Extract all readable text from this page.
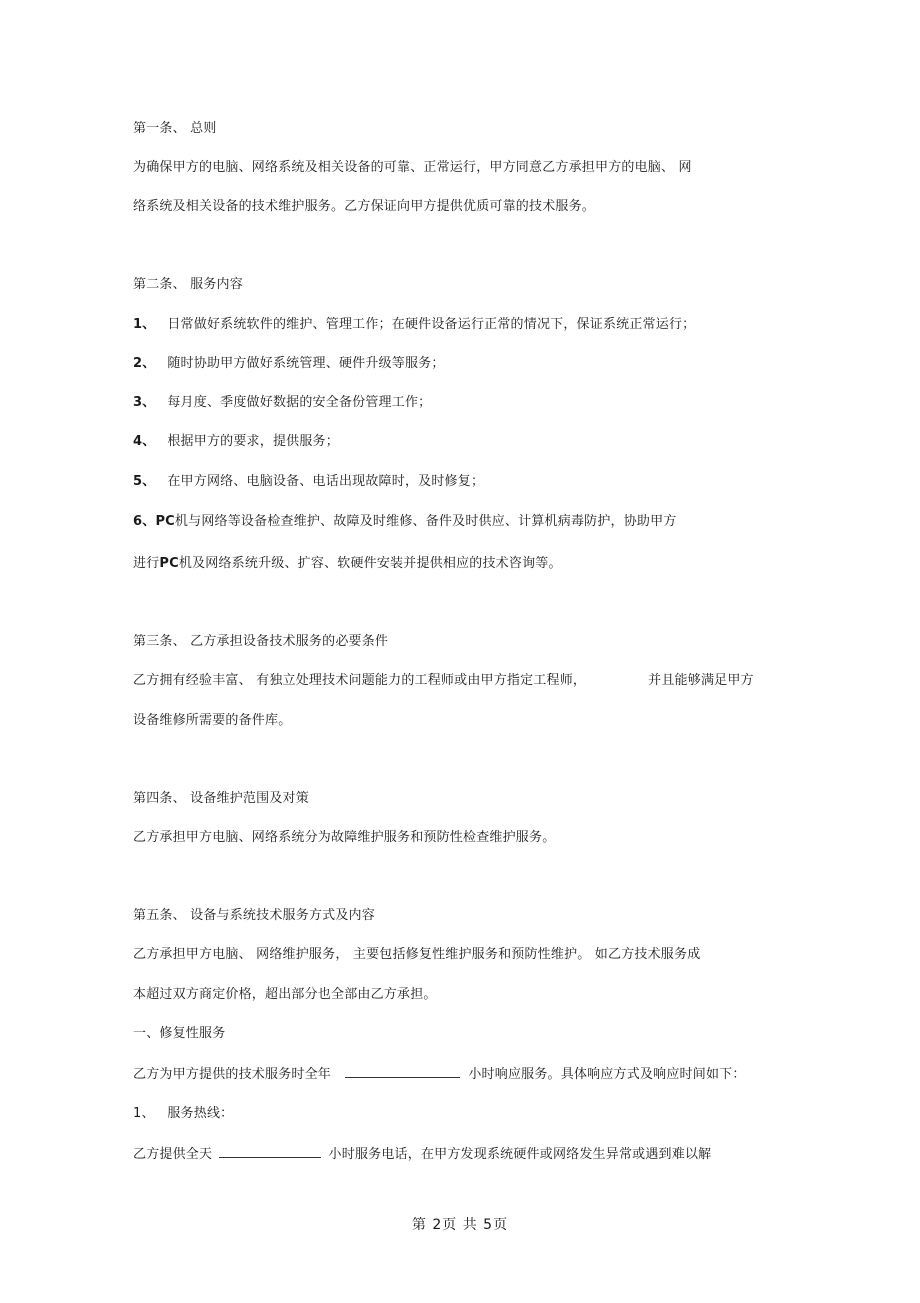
第一条、 总则
为确保甲方的电脑、网络系统及相关设备的可靠、正常运行，甲方同意乙方承担甲方的电脑、 网
络系统及相关设备的技术维护服务。乙方保证向甲方提供优质可靠的技术服务。
第二条、 服务内容
1、 日常做好系统软件的维护、管理工作；在硬件设备运行正常的情况下，保证系统正常运行；
2、 随时协助甲方做好系统管理、硬件升级等服务；
3、 每月度、季度做好数据的安全备份管理工作；
4、 根据甲方的要求，提供服务；
5、 在甲方网络、电脑设备、电话出现故障时，及时修复；
6、PC机与网络等设备检查维护、故障及时维修、备件及时供应、计算机病毒防护，协助甲方
进行PC机及网络系统升级、扩容、软硬件安装并提供相应的技术咨询等。
第三条、 乙方承担设备技术服务的必要条件
乙方拥有经验丰富、 有独立处理技术问题能力的工程师或由甲方指定工程师，	并且能够满足甲方
设备维修所需要的备件库。
第四条、 设备维护范围及对策
乙方承担甲方电脑、网络系统分为故障维护服务和预防性检查维护服务。
第五条、 设备与系统技术服务方式及内容
乙方承担甲方电脑、 网络维护服务， 主要包括修复性维护服务和预防性维护。 如乙方技术服务成
本超过双方商定价格，超出部分也全部由乙方承担。
一、修复性服务
乙方为甲方提供的技术服务时全年	小时响应服务。具体响应方式及响应时间如下：
1、 服务热线：
乙方提供全天	小时服务电话，在甲方发现系统硬件或网络发生异常或遇到难以解
第 2页 共 5页
